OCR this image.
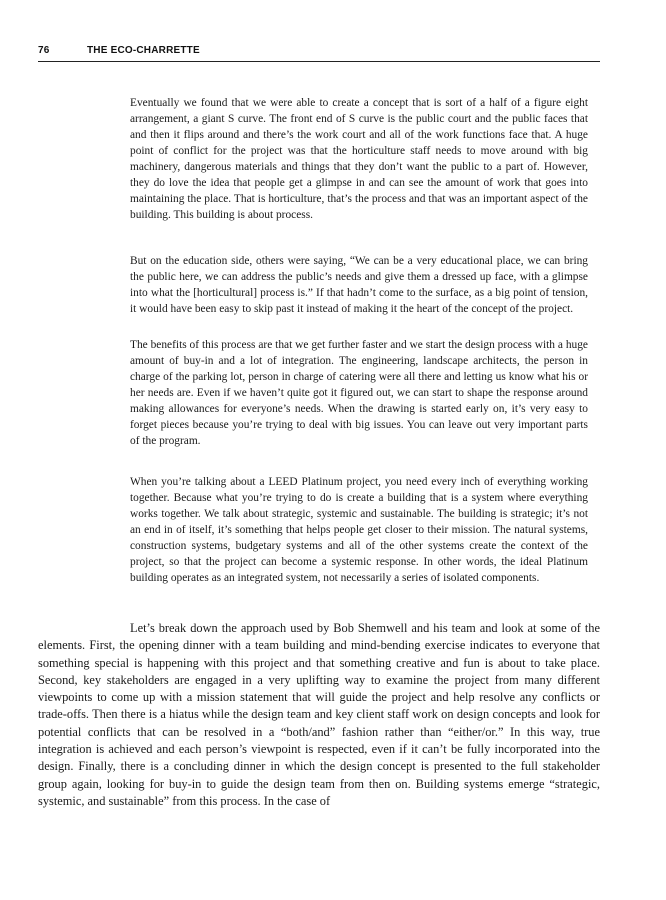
76	THE ECO-CHARRETTE

Eventually we found that we were able to create a concept that is sort of a half of a figure eight arrangement, a giant S curve. The front end of S curve is the public court and the public faces that and then it flips around and there’s the work court and all of the work functions face that. A huge point of conflict for the project was that the horticulture staff needs to move around with big machinery, dangerous materials and things that they don’t want the public to a part of. However, they do love the idea that people get a glimpse in and can see the amount of work that goes into maintaining the place. That is horticulture, that’s the process and that was an important aspect of the building. This building is about process.

But on the education side, others were saying, “We can be a very educational place, we can bring the public here, we can address the public’s needs and give them a dressed up face, with a glimpse into what the [horticultural] process is.” If that hadn’t come to the surface, as a big point of tension, it would have been easy to skip past it instead of making it the heart of the concept of the project.

The benefits of this process are that we get further faster and we start the design process with a huge amount of buy-in and a lot of integration. The engineering, landscape architects, the person in charge of the parking lot, person in charge of catering were all there and letting us know what his or her needs are. Even if we haven’t quite got it figured out, we can start to shape the response around making allowances for everyone’s needs. When the drawing is started early on, it’s very easy to forget pieces because you’re trying to deal with big issues. You can leave out very important parts of the program.

When you’re talking about a LEED Platinum project, you need every inch of everything working together. Because what you’re trying to do is create a building that is a system where everything works together. We talk about strategic, systemic and sustainable. The building is strategic; it’s not an end in of itself, it’s something that helps people get closer to their mission. The natural systems, construction systems, budgetary systems and all of the other systems create the context of the project, so that the project can become a systemic response. In other words, the ideal Platinum building operates as an integrated system, not necessarily a series of isolated components.

Let’s break down the approach used by Bob Shemwell and his team and look at some of the elements. First, the opening dinner with a team building and mind-bending exercise indicates to everyone that something special is happening with this project and that something creative and fun is about to take place. Second, key stakeholders are engaged in a very uplifting way to examine the project from many different viewpoints to come up with a mission statement that will guide the project and help resolve any conflicts or trade-offs. Then there is a hiatus while the design team and key client staff work on design concepts and look for potential conflicts that can be resolved in a “both/and” fashion rather than “either/or.” In this way, true integration is achieved and each person’s viewpoint is respected, even if it can’t be fully incorporated into the design. Finally, there is a concluding dinner in which the design concept is presented to the full stakeholder group again, looking for buy-in to guide the design team from then on. Building systems emerge “strategic, systemic, and sustainable” from this process. In the case of
